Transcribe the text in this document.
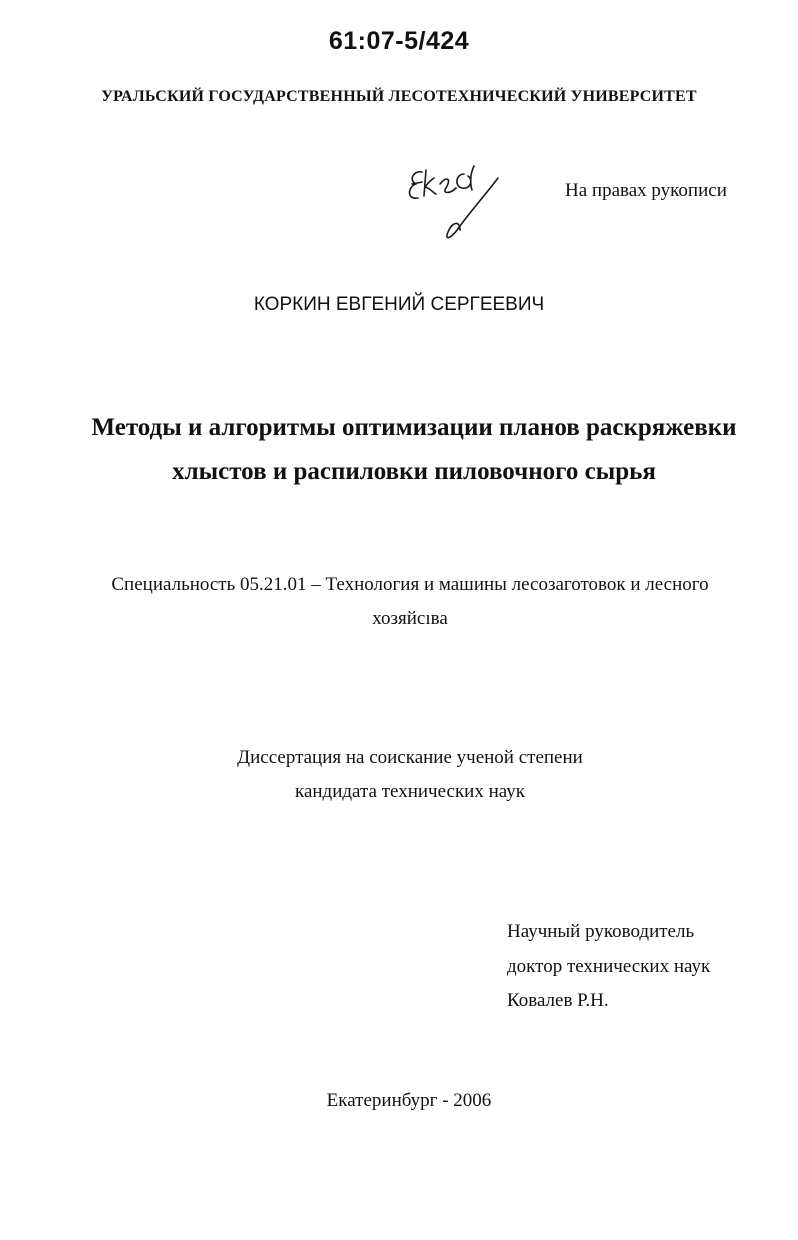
61:07-5/424
УРАЛЬСКИЙ ГОСУДАРСТВЕННЫЙ ЛЕСОТЕХНИЧЕСКИЙ УНИВЕРСИТЕТ
На правах рукописи
КОРКИН ЕВГЕНИЙ СЕРГЕЕВИЧ
Методы и алгоритмы оптимизации планов раскряжевки
хлыстов и распиловки пиловочного сырья
Специальность 05.21.01 – Технология и машины лесозаготовок и лесного
хозяйсıва
Диссертация на соискание ученой степени
кандидата технических наук
Научный руководитель
доктор технических наук
Ковалев Р.Н.
Екатеринбург - 2006
